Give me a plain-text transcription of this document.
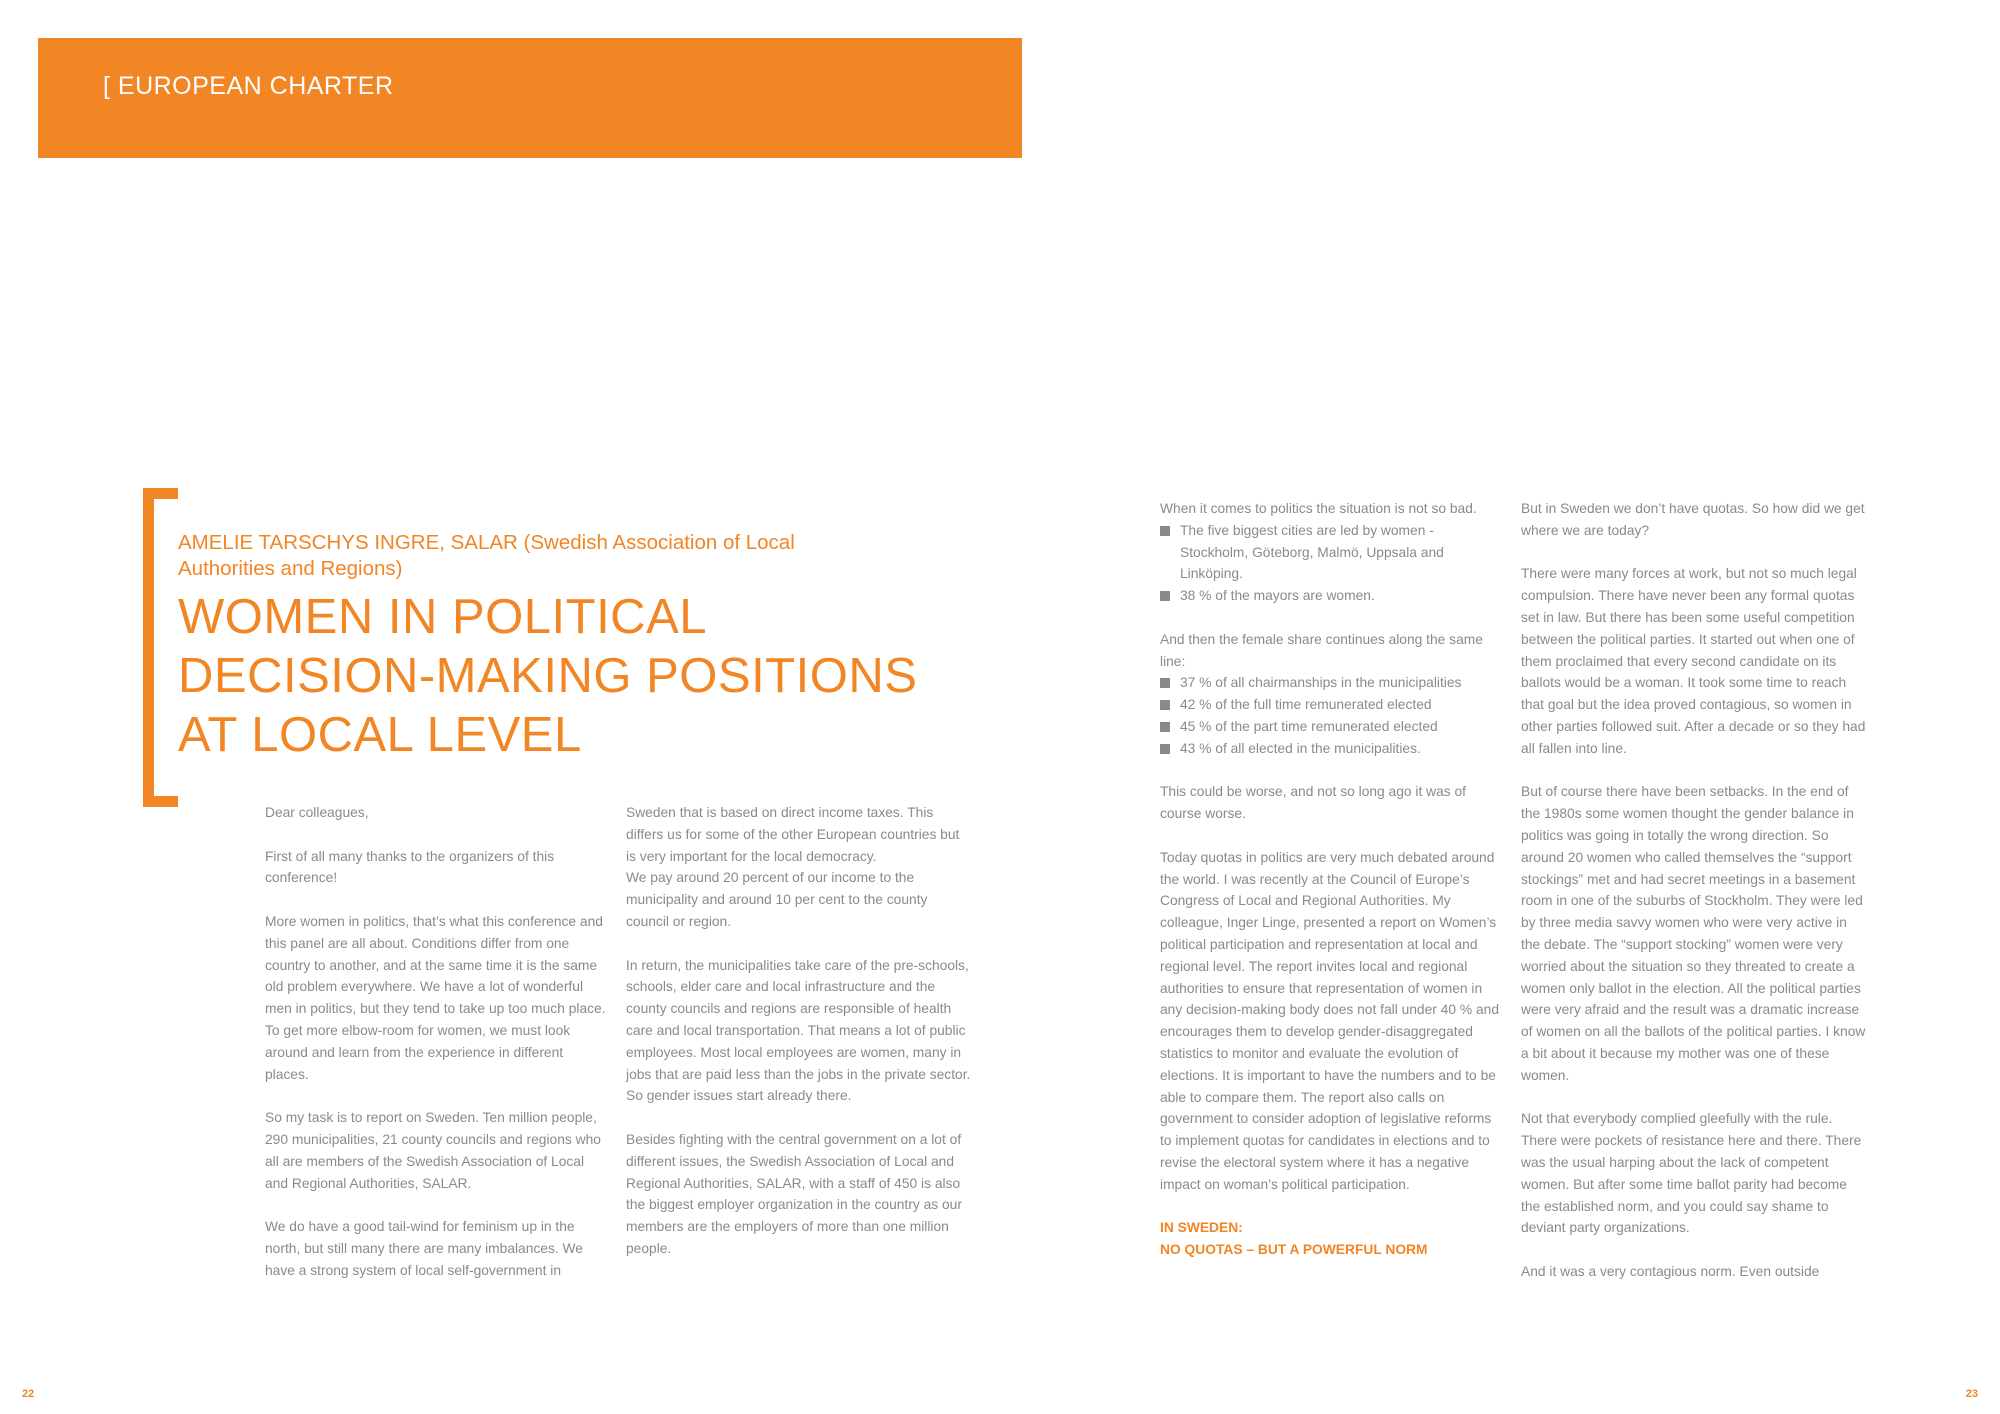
[ EUROPEAN CHARTER
AMELIE TARSCHYS INGRE, SALAR (Swedish Association of Local Authorities and Regions)
WOMEN IN POLITICAL
DECISION-MAKING POSITIONS
AT LOCAL LEVEL

Dear colleagues,

First of all many thanks to the organizers of this conference!

More women in politics, that’s what this conference and this panel are all about. Conditions differ from one country to another, and at the same time it is the same old problem everywhere. We have a lot of wonderful men in politics, but they tend to take up too much place. To get more elbow-room for women, we must look around and learn from the experience in different places.

So my task is to report on Sweden. Ten million people, 290 municipalities, 21 county councils and regions who all are members of the Swedish Association of Local and Regional Authorities, SALAR.

We do have a good tail-wind for feminism up in the north, but still many there are many imbalances. We have a strong system of local self-government in

Sweden that is based on direct income taxes. This differs us for some of the other European countries but is very important for the local democracy.

We pay around 20 percent of our income to the municipality and around 10 per cent to the county council or region.

In return, the municipalities take care of the pre-schools, schools, elder care and local infrastructure and the county councils and regions are responsible of health care and local transportation. That means a lot of public employees. Most local employees are women, many in jobs that are paid less than the jobs in the private sector. So gender issues start already there.

Besides fighting with the central government on a lot of different issues, the Swedish Association of Local and Regional Authorities, SALAR, with a staff of 450 is also the biggest employer organization in the country as our members are the employers of more than one million people.

When it comes to politics the situation is not so bad.

The five biggest cities are led by women - Stockholm, Göteborg, Malmö, Uppsala and Linköping.
38 % of the mayors are women.

And then the female share continues along the same line:

37 % of all chairmanships in the municipalities
42 % of the full time remunerated elected
45 % of the part time remunerated elected
43 % of all elected in the municipalities.

This could be worse, and not so long ago it was of course worse.

Today quotas in politics are very much debated around the world. I was recently at the Council of Europe’s Congress of Local and Regional Authorities. My colleague, Inger Linge, presented a report on Women’s political participation and representation at local and regional level. The report invites local and regional authorities to ensure that representation of women in any decision-making body does not fall under 40 % and encourages them to develop gender-disaggregated statistics to monitor and evaluate the evolution of elections. It is important to have the numbers and to be able to compare them. The report also calls on government to consider adoption of legislative reforms to implement quotas for candidates in elections and to revise the electoral system where it has a negative impact on woman’s political participation.

IN SWEDEN:
NO QUOTAS – BUT A POWERFUL NORM

But in Sweden we don’t have quotas. So how did we get where we are today?

There were many forces at work, but not so much legal compulsion. There have never been any formal quotas set in law. But there has been some useful competition between the political parties. It started out when one of them proclaimed that every second candidate on its ballots would be a woman. It took some time to reach that goal but the idea proved contagious, so women in other parties followed suit. After a decade or so they had all fallen into line.

But of course there have been setbacks. In the end of the 1980s some women thought the gender balance in politics was going in totally the wrong direction. So around 20 women who called themselves the “support stockings” met and had secret meetings in a basement room in one of the suburbs of Stockholm. They were led by three media savvy women who were very active in the debate. The “support stocking” women were very worried about the situation so they threated to create a women only ballot in the election. All the political parties were very afraid and the result was a dramatic increase of women on all the ballots of the political parties. I know a bit about it because my mother was one of these women.

Not that everybody complied gleefully with the rule. There were pockets of resistance here and there. There was the usual harping about the lack of competent women. But after some time ballot parity had become the established norm, and you could say shame to deviant party organizations.

And it was a very contagious norm. Even outside

22	23
